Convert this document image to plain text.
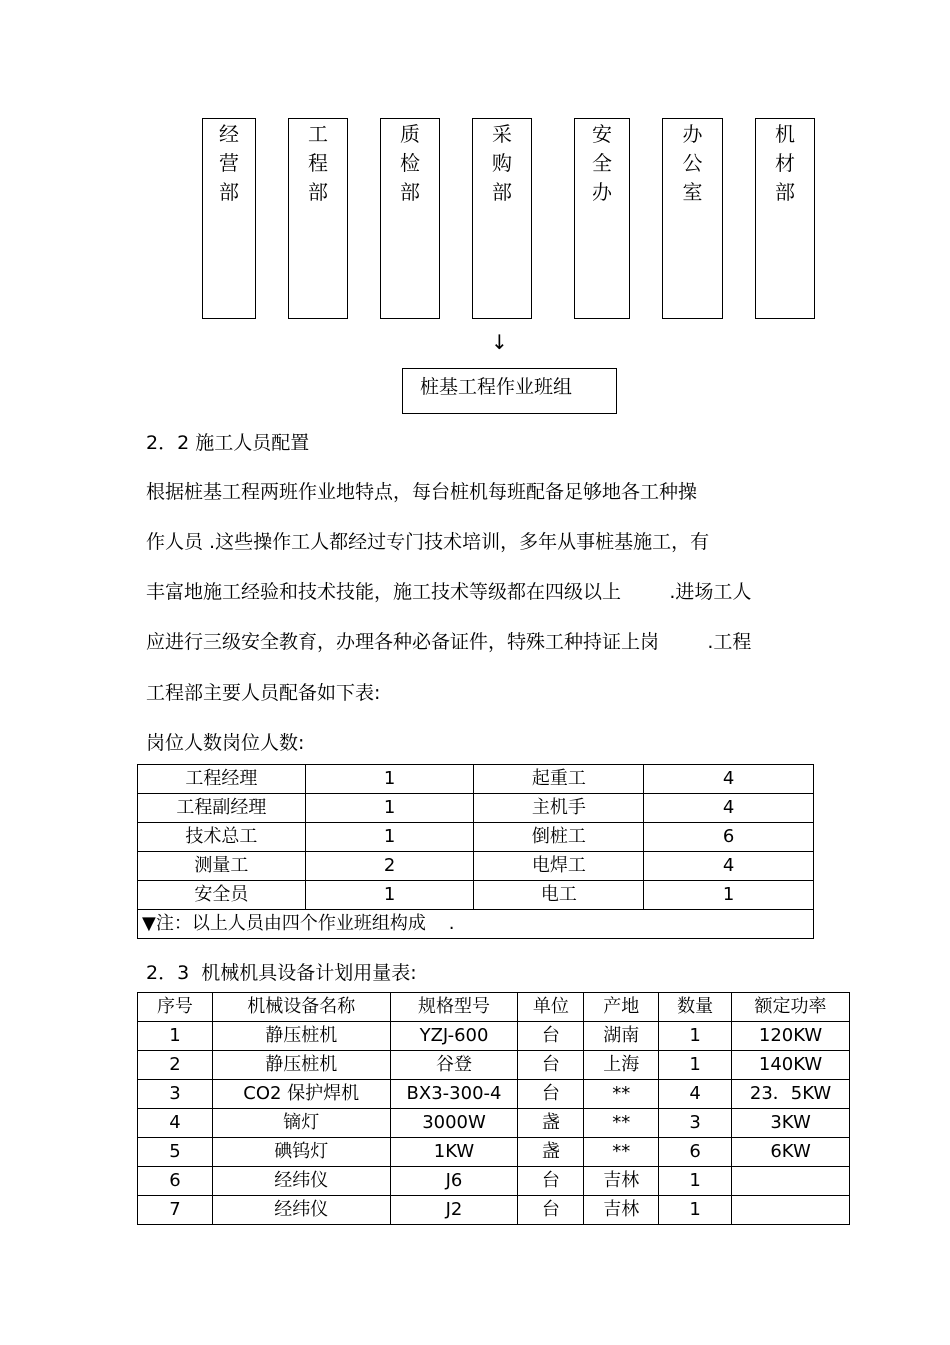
经
营
部
工
程
部
质
检
部
采
购
部
安
全
办
办
公
室
机
材
部
↓
桩基工程作业班组
2．2 施工人员配置
根据桩基工程两班作业地特点，每台桩机每班配备足够地各工种操
作人员 .这些操作工人都经过专门技术培训，多年从事桩基施工，有
丰富地施工经验和技术技能，施工技术等级都在四级以上        .进场工人
应进行三级安全教育，办理各种必备证件，特殊工种持证上岗        .工程
工程部主要人员配备如下表:
岗位人数岗位人数:
工程经理	1	起重工	4
工程副经理	1	主机手	4
技术总工	1	倒桩工	6
测量工	2	电焊工	4
安全员	1	电工	1
▼注：以上人员由四个作业班组构成    .			
2．3  机械机具设备计划用量表:
序号	机械设备名称	规格型号	单位	产地	数量	额定功率
1	静压桩机	YZJ-600	台	湖南	1	120KW
2	静压桩机	谷登	台	上海	1	140KW
3	CO2 保护焊机	BX3-300-4	台	**	4	23．5KW
4	镝灯	3000W	盏	**	3	3KW
5	碘钨灯	1KW	盏	**	6	6KW
6	经纬仪	J6	台	吉林	1	
7	经纬仪	J2	台	吉林	1	
